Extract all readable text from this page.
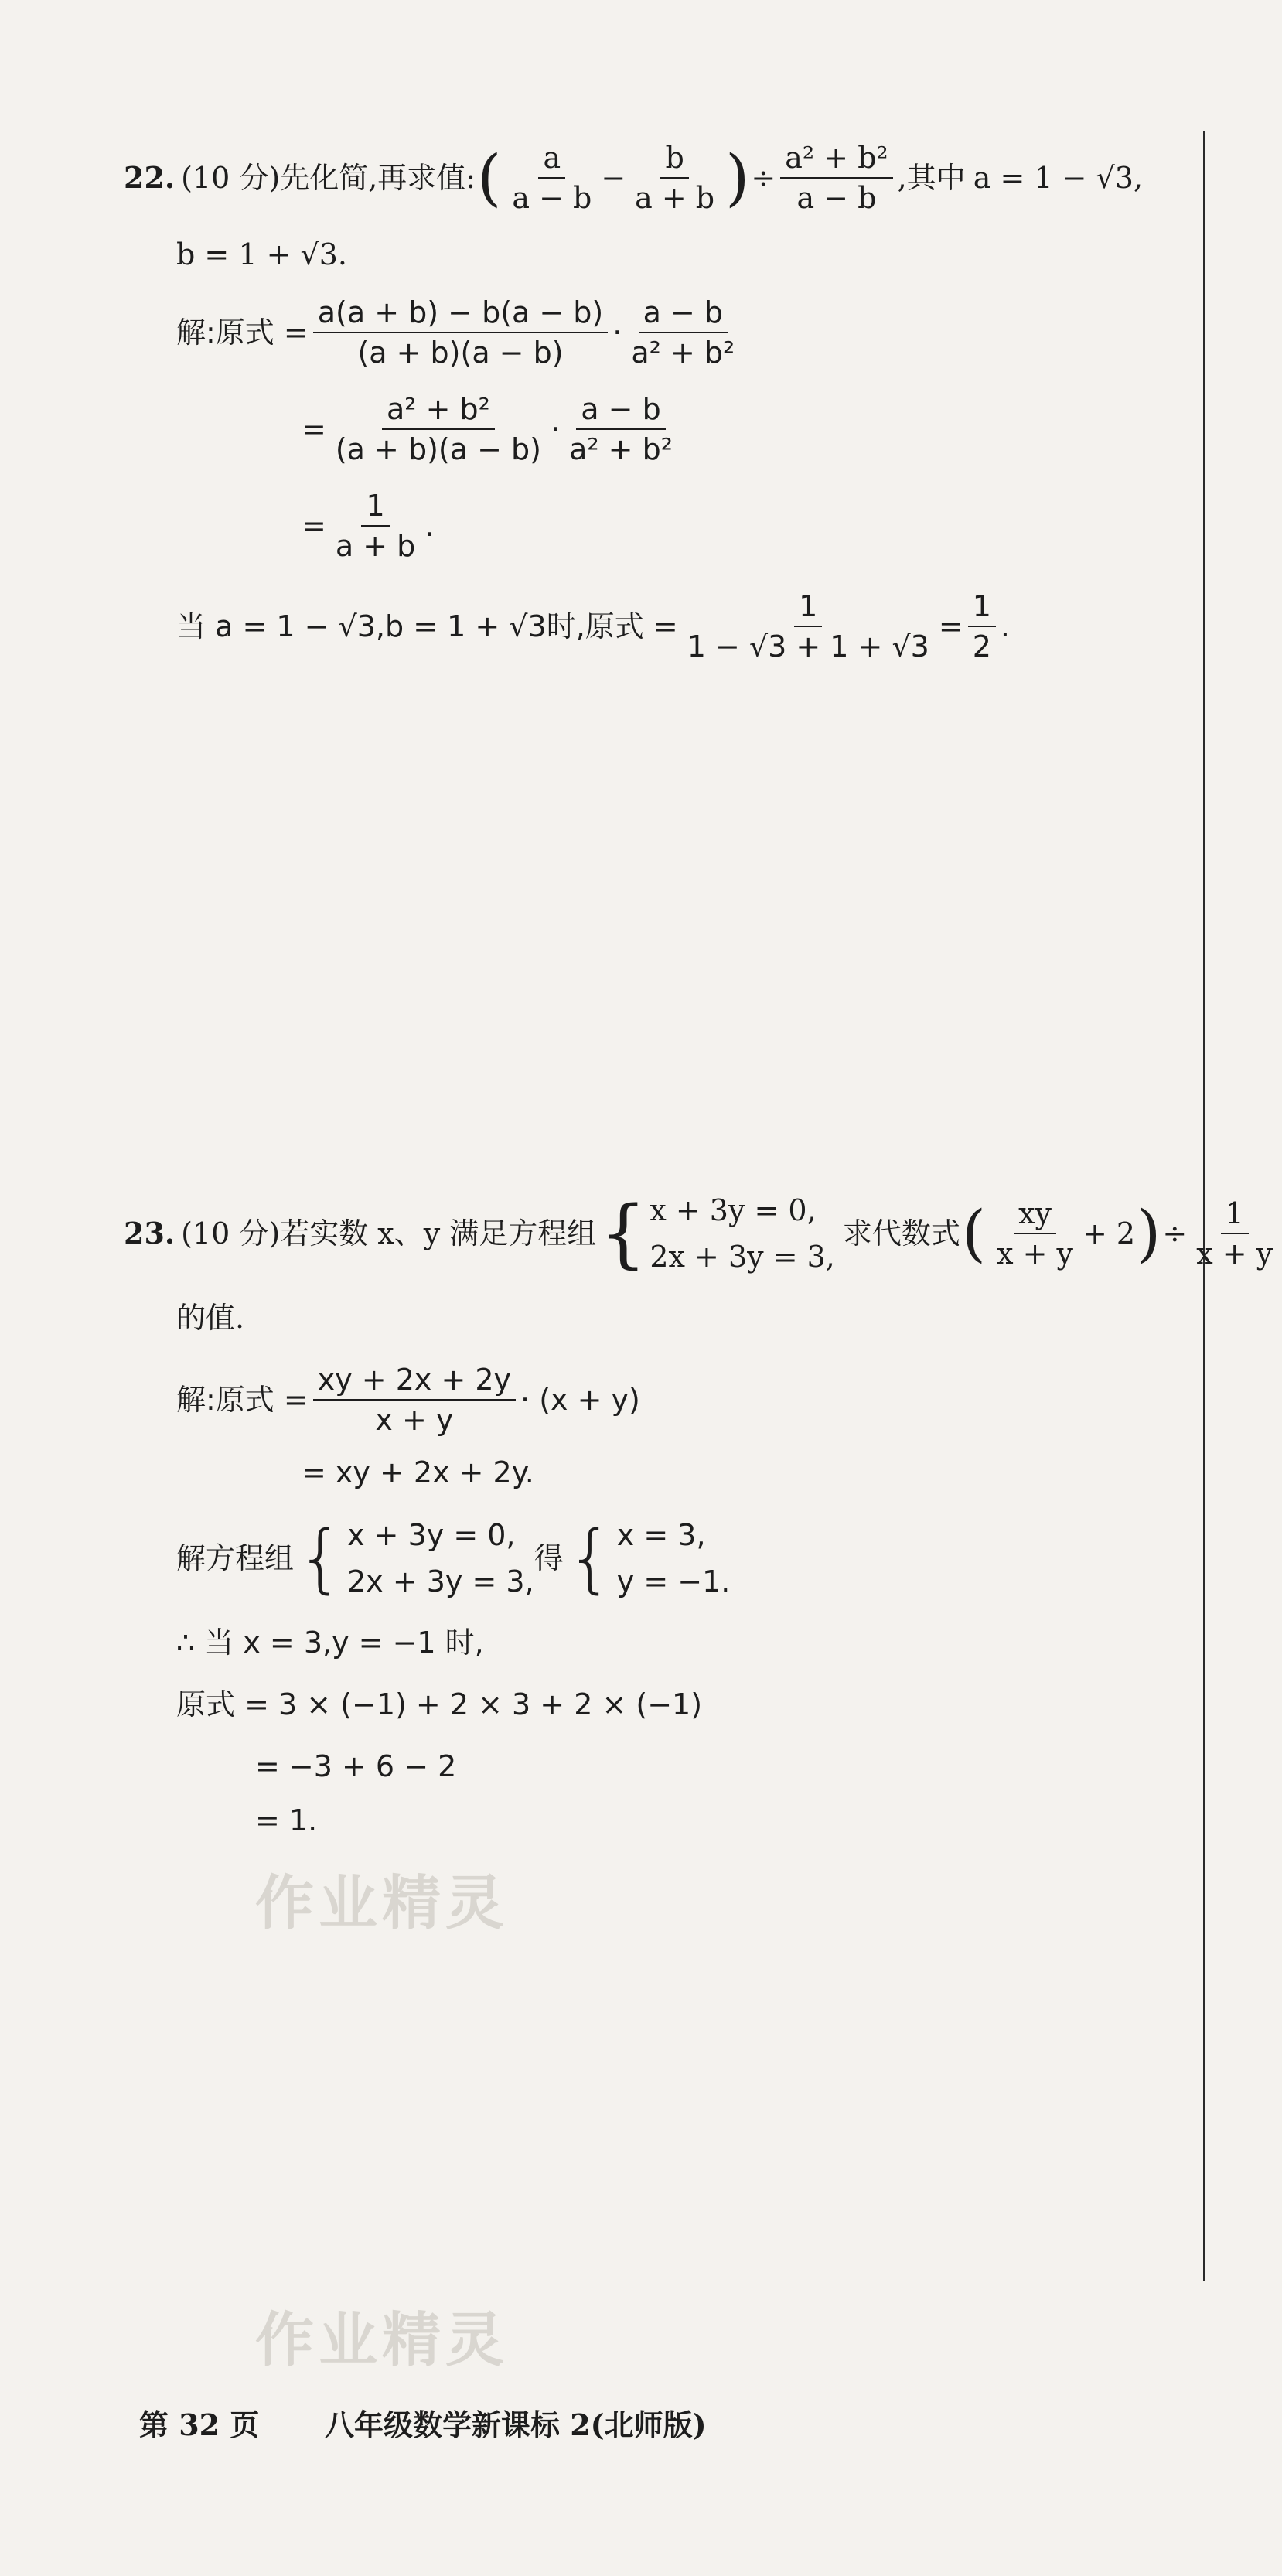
22. (10 分) 先化简,再求值: ( $\frac{a}{a - b} - \frac{b}{a + b}$ ) ÷ $\frac{\text{a² + b²}}{a - b}$ ,其中 a = 1 − √3,
b = 1 + √3.
解:原式 = $\frac{a(a + b) - b(a - b)}{(a + b)(a - b)} \cdot \frac{a - b}{\text{a² + b²}}$
= $\frac{\text{a² + b²}}{(a + b)(a - b)} \cdot \frac{a - b}{\text{a² + b²}}$
= $\frac{1}{a + b}$ .
当 a = 1 − √3,b = 1 + √3时,原式 = $\frac{1}{1 - √3 + 1 + √3} = \frac{1}{2}$ .
23. (10 分) 若实数 x、y 满足方程组 { x + 3y = 0,
2x + 3y = 3,
求代数式 ( $\frac{xy}{x + y} + 2$ ) ÷ $\frac{1}{x + y}$
的值.
解:原式 = $\frac{xy + 2x + 2y}{x + y} \cdot (x + y)$
= xy + 2x + 2y.
解方程组 { x + 3y = 0,
2x + 3y = 3,
得 { x = 3,
y = −1.
∴ 当 x = 3,y = −1 时,
原式 = 3 × (−1) + 2 × 3 + 2 × (−1)
= −3 + 6 − 2
= 1.
作业精灵
作业精灵
第 32 页 八年级数学新课标 2(北师版)
